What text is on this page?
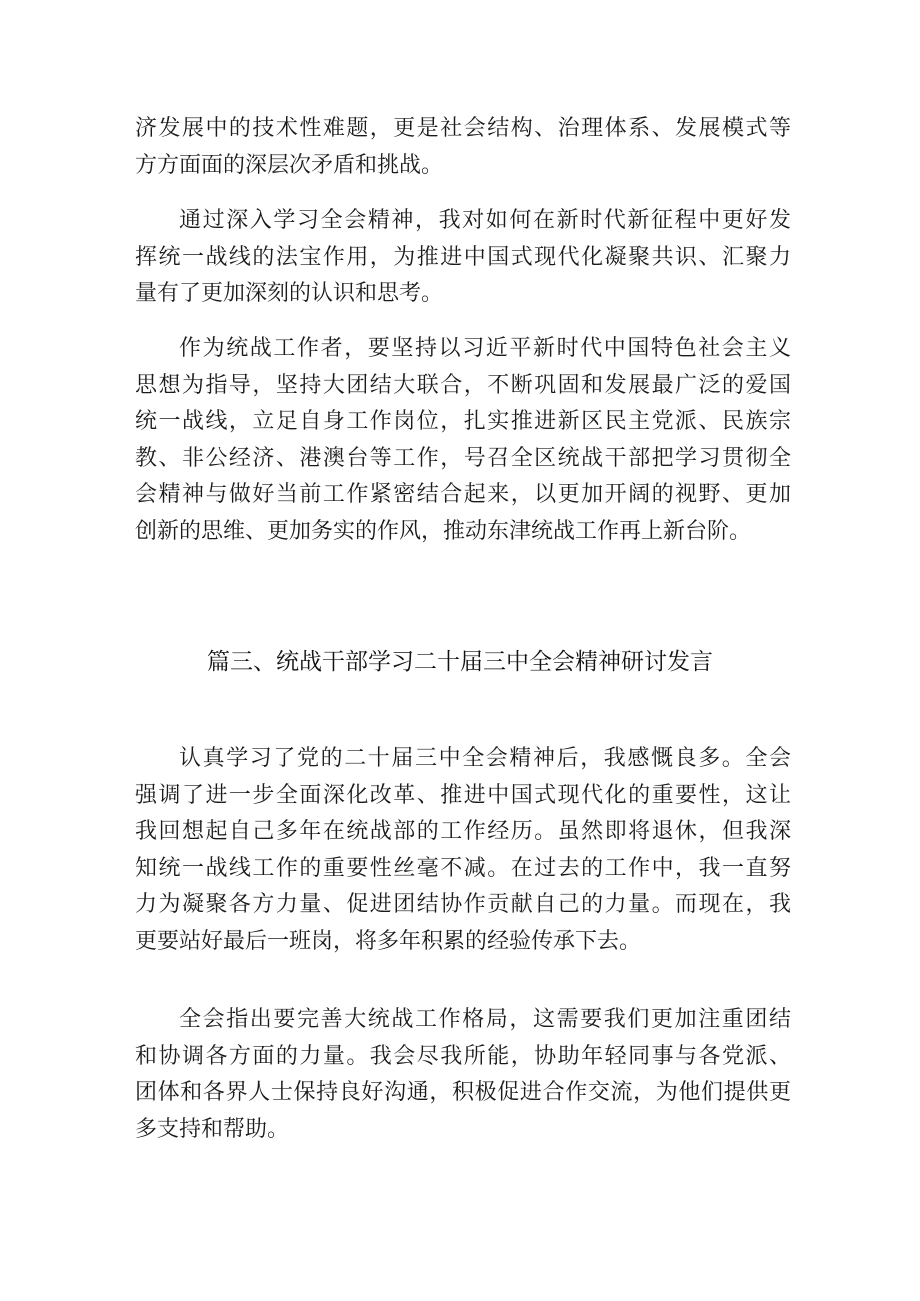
济发展中的技术性难题，更是社会结构、治理体系、发展模式等
方方面面的深层次矛盾和挑战。
通过深入学习全会精神，我对如何在新时代新征程中更好发
挥统一战线的法宝作用，为推进中国式现代化凝聚共识、汇聚力
量有了更加深刻的认识和思考。
作为统战工作者，要坚持以习近平新时代中国特色社会主义
思想为指导，坚持大团结大联合，不断巩固和发展最广泛的爱国
统一战线，立足自身工作岗位，扎实推进新区民主党派、民族宗
教、非公经济、港澳台等工作，号召全区统战干部把学习贯彻全
会精神与做好当前工作紧密结合起来，以更加开阔的视野、更加
创新的思维、更加务实的作风，推动东津统战工作再上新台阶。
篇三、统战干部学习二十届三中全会精神研讨发言
认真学习了党的二十届三中全会精神后，我感慨良多。全会
强调了进一步全面深化改革、推进中国式现代化的重要性，这让
我回想起自己多年在统战部的工作经历。虽然即将退休，但我深
知统一战线工作的重要性丝毫不减。在过去的工作中，我一直努
力为凝聚各方力量、促进团结协作贡献自己的力量。而现在，我
更要站好最后一班岗，将多年积累的经验传承下去。
全会指出要完善大统战工作格局，这需要我们更加注重团结
和协调各方面的力量。我会尽我所能，协助年轻同事与各党派、
团体和各界人士保持良好沟通，积极促进合作交流，为他们提供更
多支持和帮助。
